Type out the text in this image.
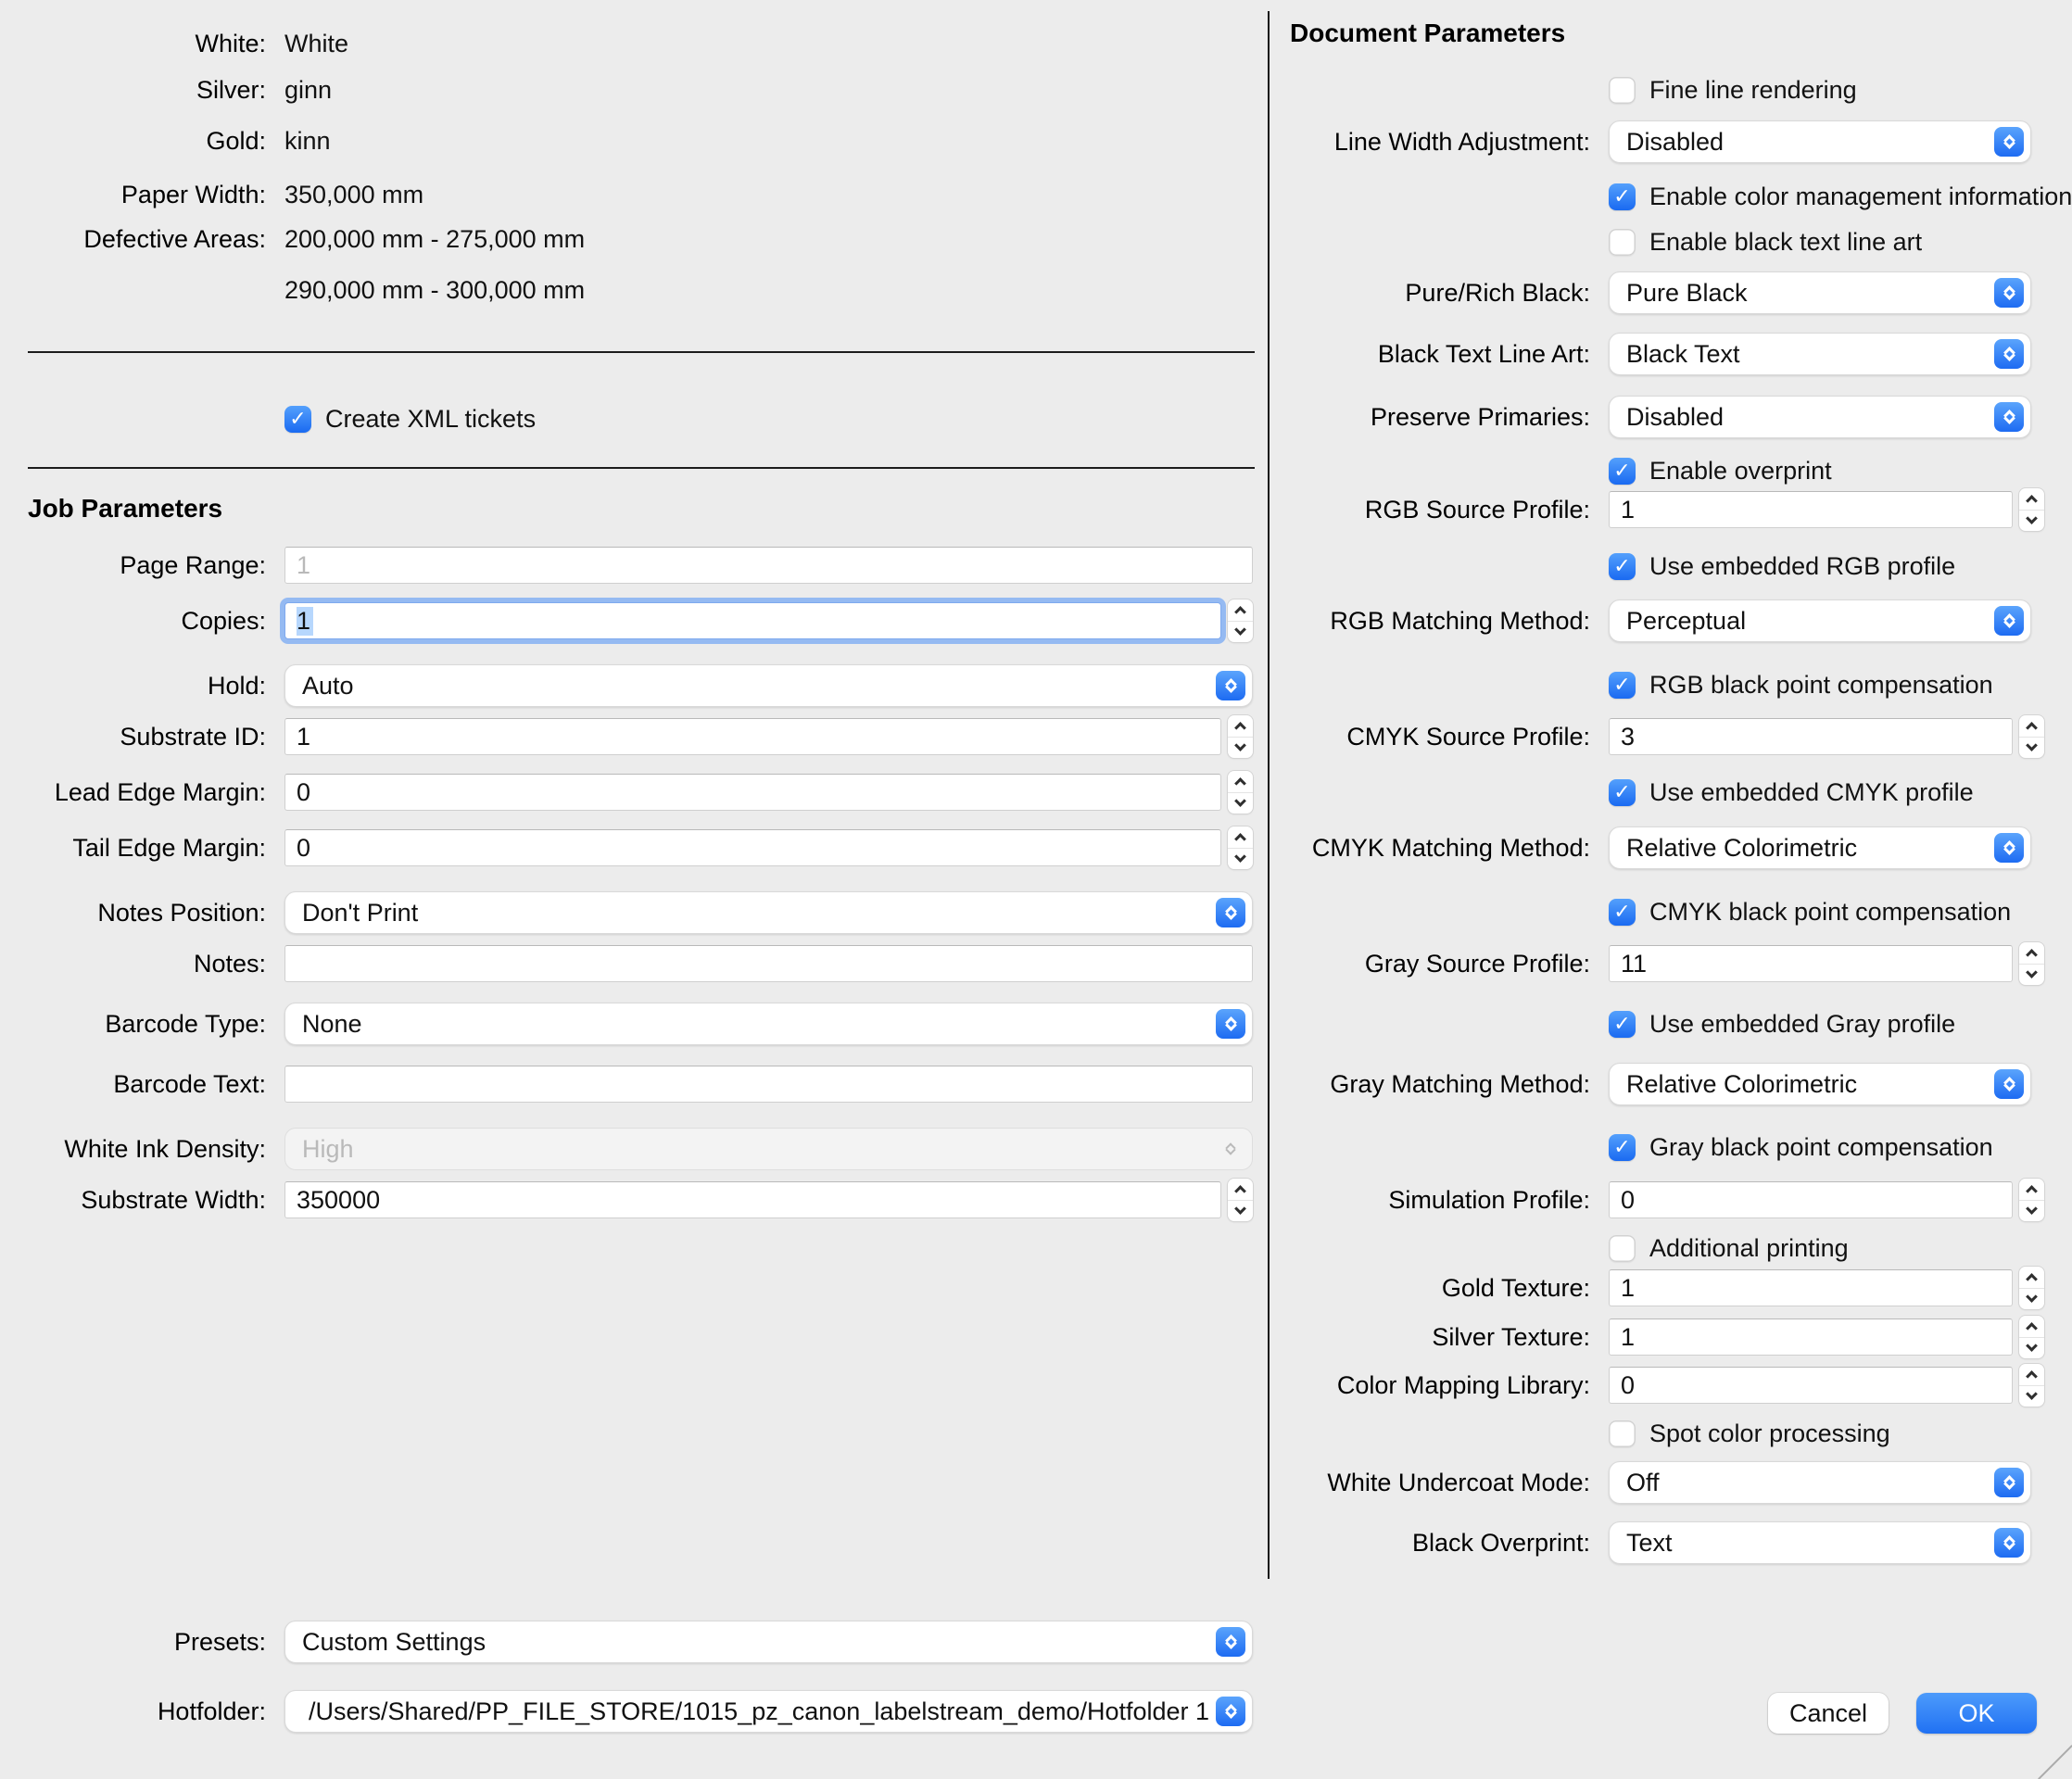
White: White
Silver: ginn
Gold: kinn
Paper Width: 350,000 mm
Defective Areas: 200,000 mm - 275,000 mm
290,000 mm - 300,000 mm
✓
Create XML tickets
Job Parameters
Page Range:	1
Copies:	1
Hold:	Auto
Substrate ID:	1
Lead Edge Margin:	0
Tail Edge Margin:	0
Notes Position:	Don't Print
Notes:
Barcode Type:	None
Barcode Text:
White Ink Density:	High
Substrate Width:	350000
Presets:	Custom Settings
Hotfolder:	/Users/Shared/PP_FILE_STORE/1015_pz_canon_labelstream_demo/Hotfolder 1	Cancel	OK
Document Parameters
Fine line rendering
Line Width Adjustment:	Disabled
✓
Enable color management information
Enable black text line art
Pure/Rich Black:	Pure Black
Black Text Line Art:	Black Text
Preserve Primaries:	Disabled
✓
Enable overprint
RGB Source Profile:	1
✓
Use embedded RGB profile
RGB Matching Method:	Perceptual
✓
RGB black point compensation
CMYK Source Profile:	3
✓
Use embedded CMYK profile
CMYK Matching Method:	Relative Colorimetric
✓
CMYK black point compensation
Gray Source Profile:	11
✓
Use embedded Gray profile
Gray Matching Method:	Relative Colorimetric
✓
Gray black point compensation
Simulation Profile:	0
Additional printing
Gold Texture:	1
Silver Texture:	1
Color Mapping Library:	0
Spot color processing
White Undercoat Mode:	Off
Black Overprint:	Text
